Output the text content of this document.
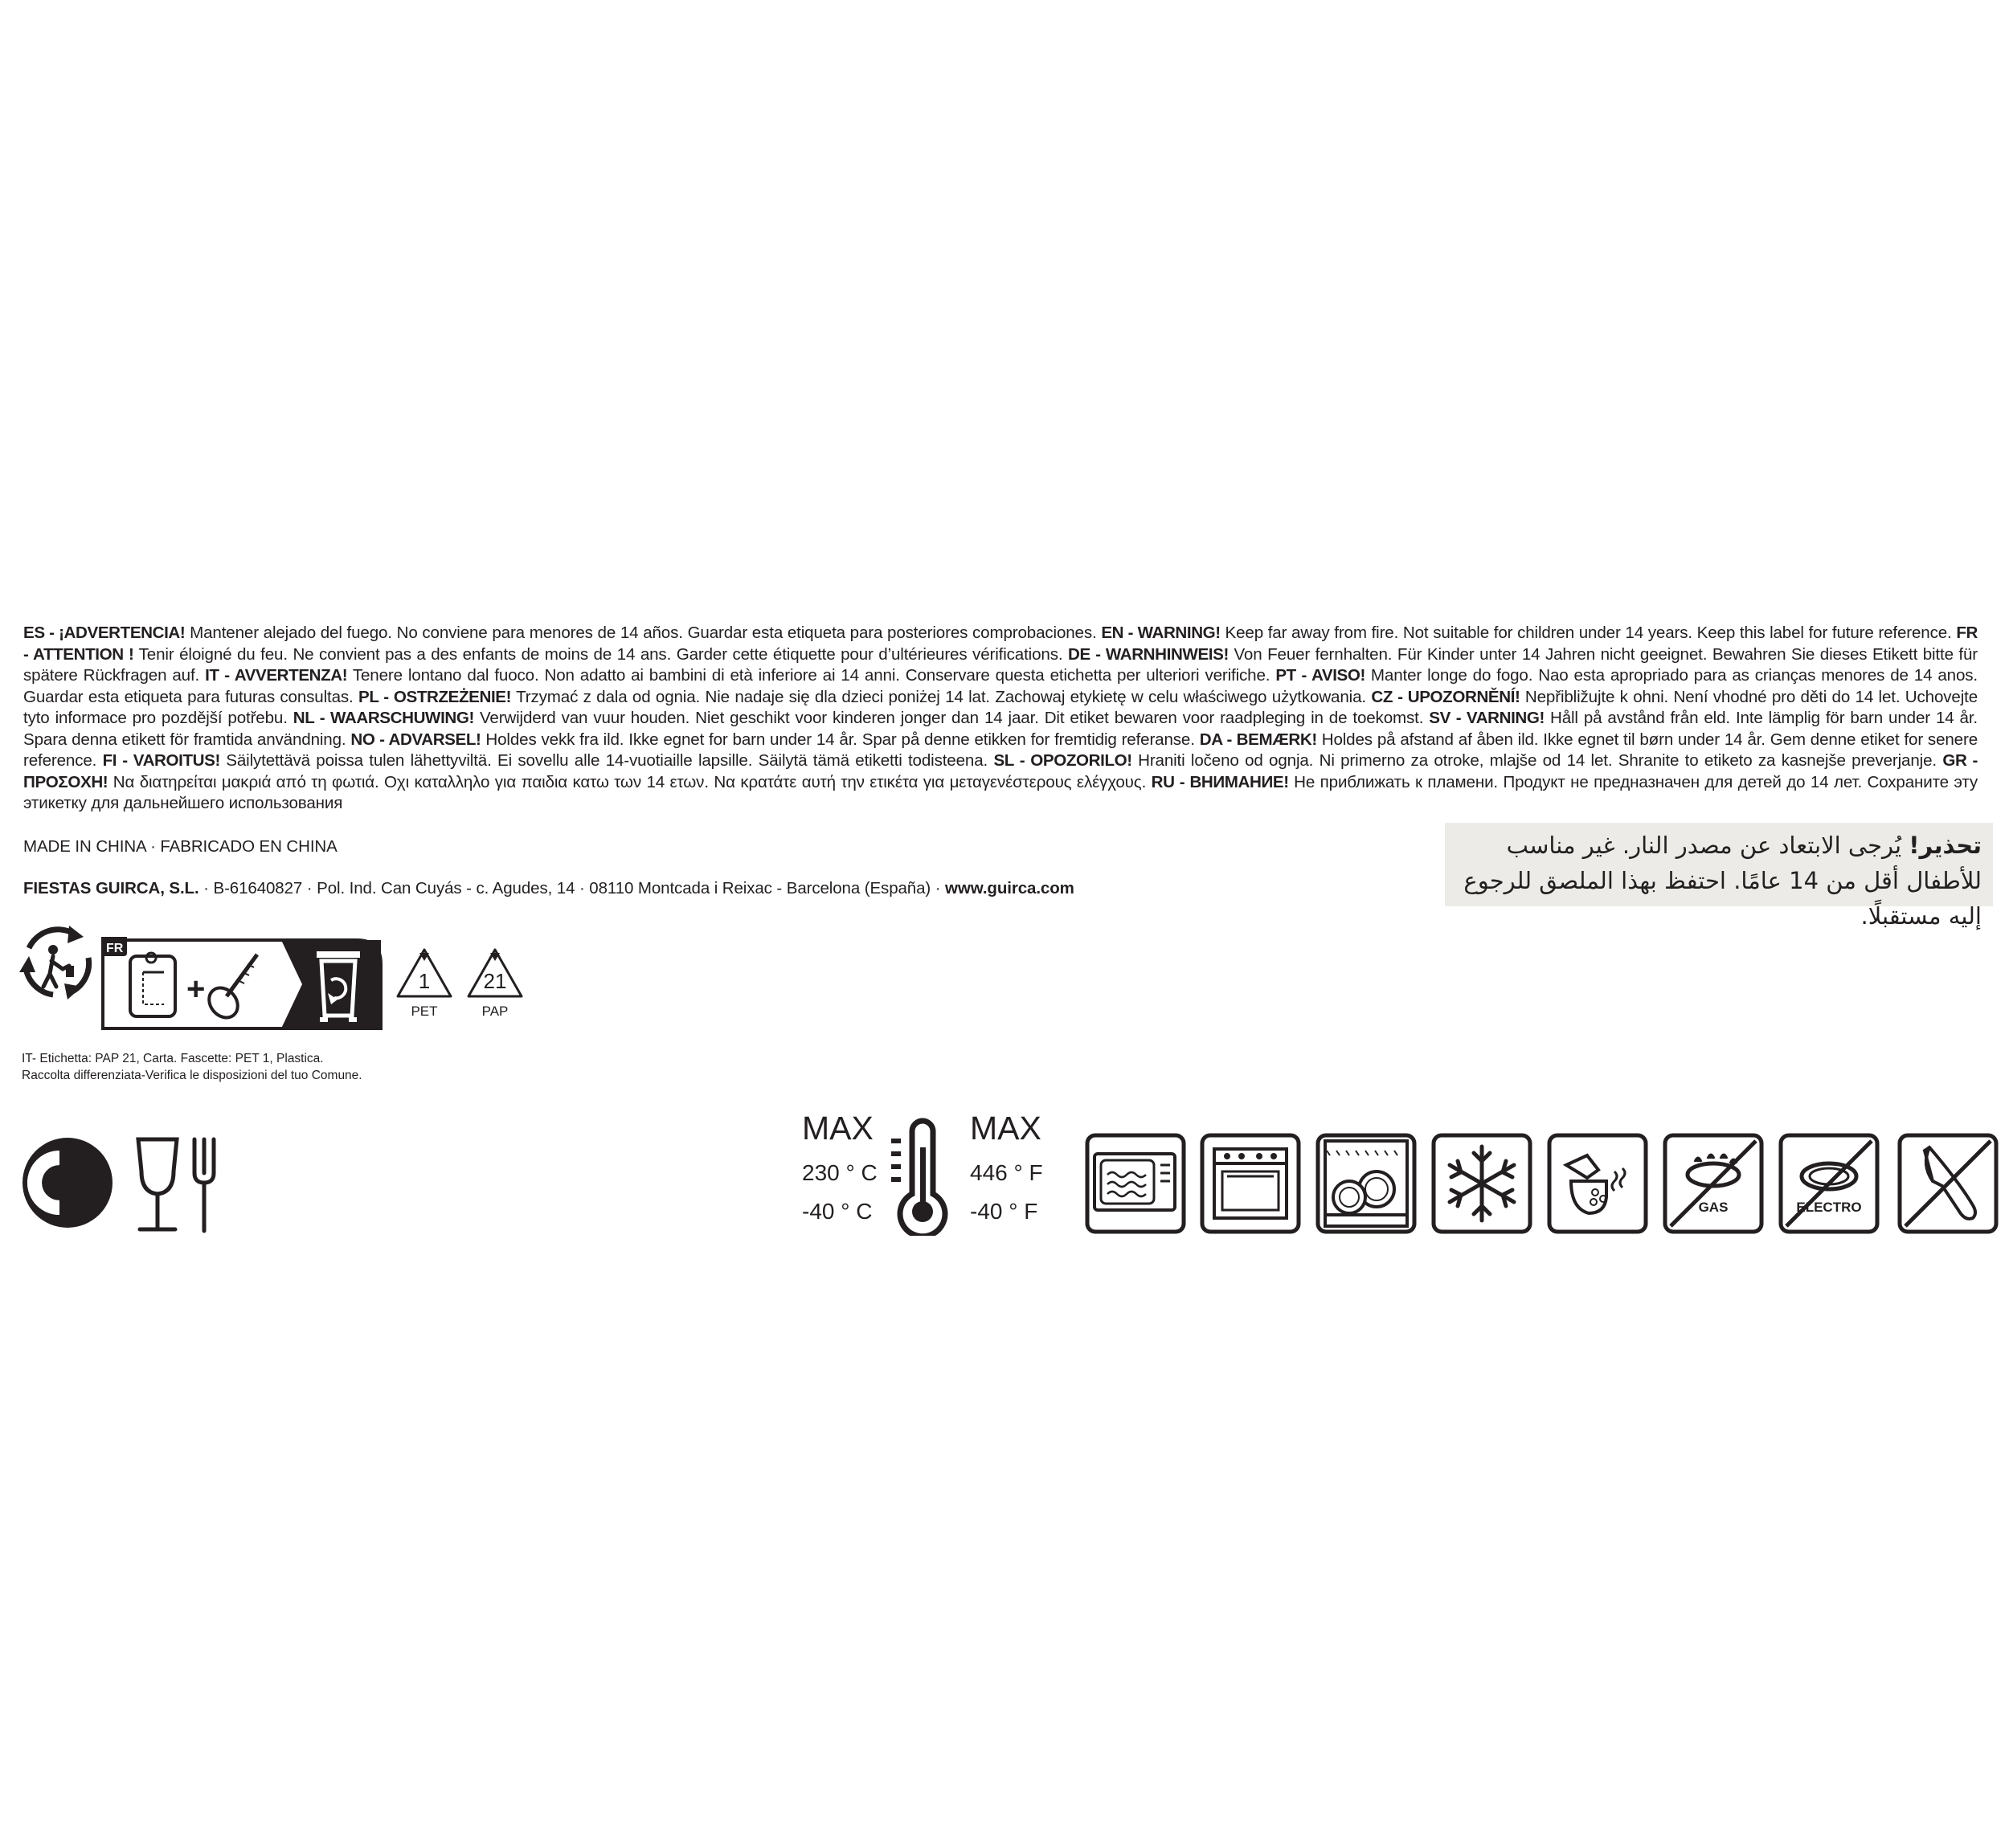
ES - ¡ADVERTENCIA! Mantener alejado del fuego. No conviene para menores de 14 años. Guardar esta etiqueta para posteriores comprobaciones. EN - WARNING! Keep far away from fire. Not suitable for children under 14 years. Keep this label for future reference. FR - ATTENTION ! Tenir éloigné du feu. Ne convient pas a des enfants de moins de 14 ans. Garder cette étiquette pour d’ultérieures vérifications. DE - WARNHINWEIS! Von Feuer fernhalten. Für Kinder unter 14 Jahren nicht geeignet. Bewahren Sie dieses Etikett bitte für spätere Rückfragen auf. IT - AVVERTENZA! Tenere lontano dal fuoco. Non adatto ai bambini di età inferiore ai 14 anni. Conservare questa etichetta per ulteriori verifiche. PT - AVISO! Manter longe do fogo. Nao esta apropriado para as crianças menores de 14 anos. Guardar esta etiqueta para futuras consultas. PL - OSTRZEŻENIE! Trzymać z dala od ognia. Nie nadaje się dla dzieci poniżej 14 lat. Zachowaj etykietę w celu właściwego użytkowania. CZ - UPOZORNĚNÍ! Nepřibližujte k ohni. Není vhodné pro děti do 14 let. Uchovejte tyto informace pro pozdější potřebu. NL - WAARSCHUWING! Verwijderd van vuur houden. Niet geschikt voor kinderen jonger dan 14 jaar. Dit etiket bewaren voor raadpleging in de toekomst. SV - VARNING! Håll på avstånd från eld. Inte lämplig för barn under 14 år. Spara denna etikett för framtida användning. NO - ADVARSEL! Holdes vekk fra ild. Ikke egnet for barn under 14 år. Spar på denne etikken for fremtidig referanse. DA - BEMÆRK! Holdes på afstand af åben ild. Ikke egnet til børn under 14 år. Gem denne etiket for senere reference. FI - VAROITUS! Säilytettävä poissa tulen lähettyviltä. Ei sovellu alle 14-vuotiaille lapsille. Säilytä tämä etiketti todisteena. SL - OPOZORILO! Hraniti ločeno od ognja. Ni primerno za otroke, mlajše od 14 let. Shranite to etiketo za kasnejše preverjanje. GR - ΠΡΟΣΟΧΗ! Να διατηρείται μακριά από τη φωτιά. Οχι καταλληλο για παιδια κατω των 14 ετων. Να κρατάτε αυτή την ετικέτα για μεταγενέστερους ελέγχους. RU - ВНИМАНИЕ! Не приближать к пламени. Продукт не предназначен для детей до 14 лет. Сохраните эту этикетку для дальнейшего использования
MADE IN CHINA · FABRICADO EN CHINA
FIESTAS GUIRCA, S.L. · B-61640827 · Pol. Ind. Can Cuyás - c. Agudes, 14 · 08110 Montcada i Reixac - Barcelona (España) · www.guirca.com
تحذير! يُرجى الابتعاد عن مصدر النار. غير مناسب للأطفال أقل من 14 عامًا. احتفظ بهذا الملصق للرجوع إليه مستقبلًا.
FR
+	1
PET
21
PAP
IT- Etichetta: PAP 21, Carta. Fascette: PET 1, Plastica.
Raccolta differenziata-Verifica le disposizioni del tuo Comune.
MAX
230 ° C
-40 ° C
MAX
446 ° F
-40 ° F	GAS	ELECTRO
